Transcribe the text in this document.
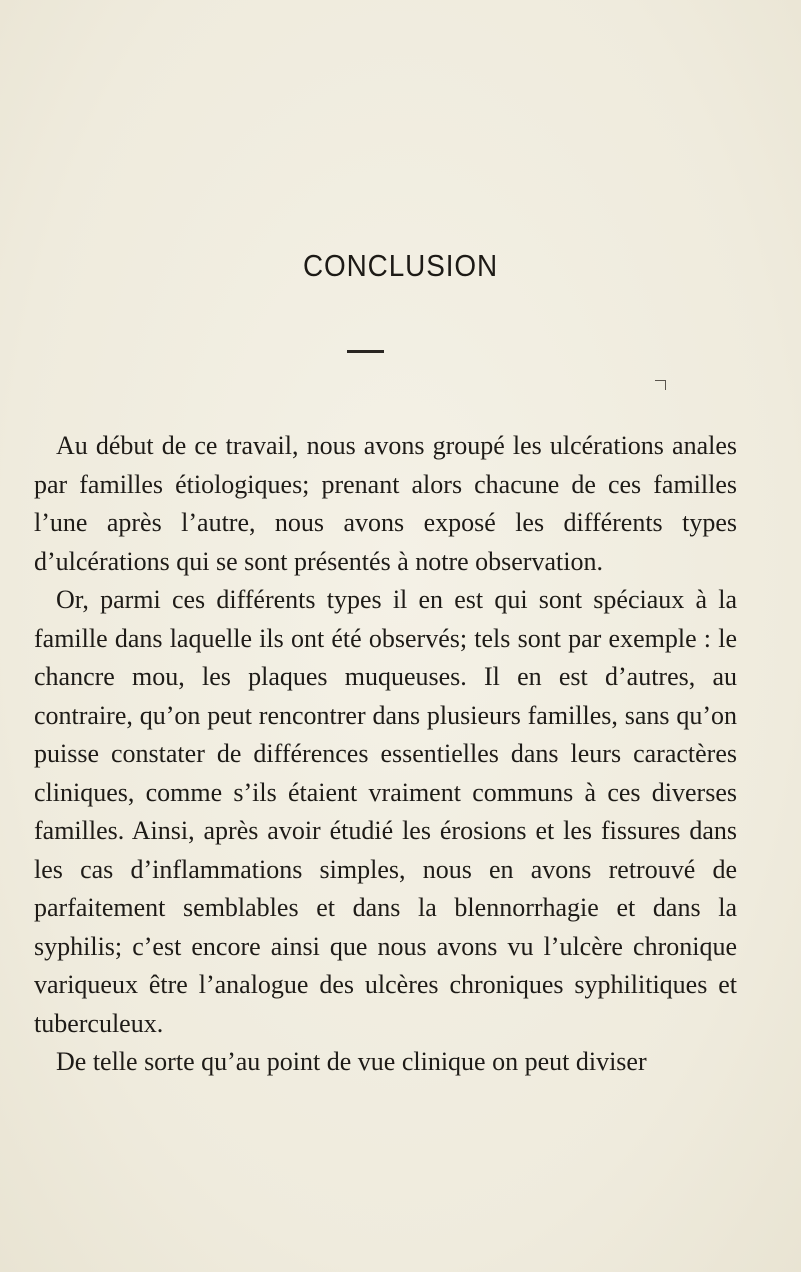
CONCLUSION

Au début de ce travail, nous avons groupé les ulcérations anales par familles étiologiques; prenant alors chacune de ces familles l’une après l’autre, nous avons exposé les différents types d’ulcérations qui se sont présentés à notre observation.

Or, parmi ces différents types il en est qui sont spéciaux à la famille dans laquelle ils ont été observés; tels sont par exemple : le chancre mou, les plaques muqueuses. Il en est d’autres, au contraire, qu’on peut rencontrer dans plusieurs familles, sans qu’on puisse constater de différences essentielles dans leurs caractères cliniques, comme s’ils étaient vraiment communs à ces diverses familles. Ainsi, après avoir étudié les érosions et les fissures dans les cas d’inflammations simples, nous en avons retrouvé de parfaitement semblables et dans la blennorrhagie et dans la syphilis; c’est encore ainsi que nous avons vu l’ulcère chronique variqueux être l’analogue des ulcères chroniques syphilitiques et tuberculeux.

De telle sorte qu’au point de vue clinique on peut diviser
